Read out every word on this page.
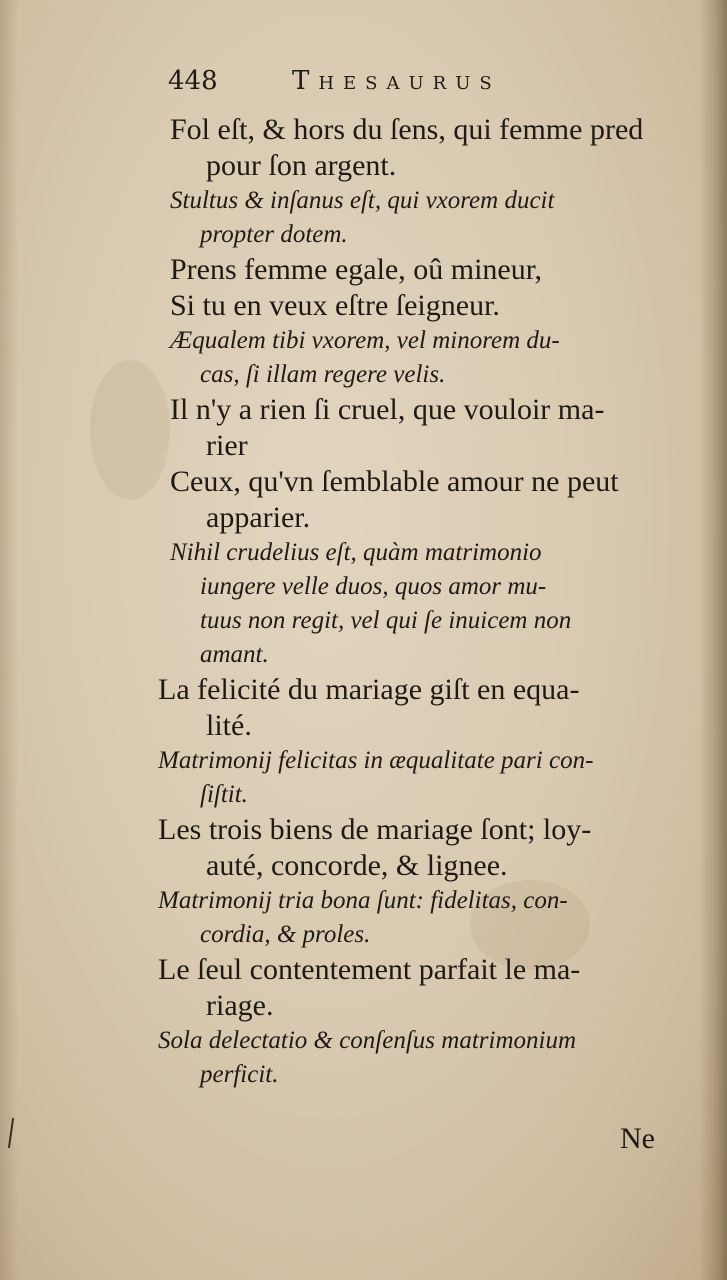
448	Thesaurus
Fol eſt, & hors du ſens, qui femme pred
pour ſon argent.
Stultus & inſanus eſt, qui vxorem ducit
propter dotem.
Prens femme egale, oû mineur,
Si tu en veux eſtre ſeigneur.
Æqualem tibi vxorem, vel minorem du-
cas, ſi illam regere velis.
Il n'y a rien ſi cruel, que vouloir ma-
rier
Ceux, qu'vn ſemblable amour ne peut
apparier.
Nihil crudelius eſt, quàm matrimonio
iungere velle duos, quos amor mu-
tuus non regit, vel qui ſe inuicem non
amant.
La felicité du mariage giſt en equa-
lité.
Matrimonij felicitas in æqualitate pari con-
ſiſtit.
Les trois biens de mariage ſont; loy-
auté, concorde, & lignee.
Matrimonij tria bona ſunt: fidelitas, con-
cordia, & proles.
Le ſeul contentement parfait le ma-
riage.
Sola delectatio & conſenſus matrimonium
perficit.
Ne
